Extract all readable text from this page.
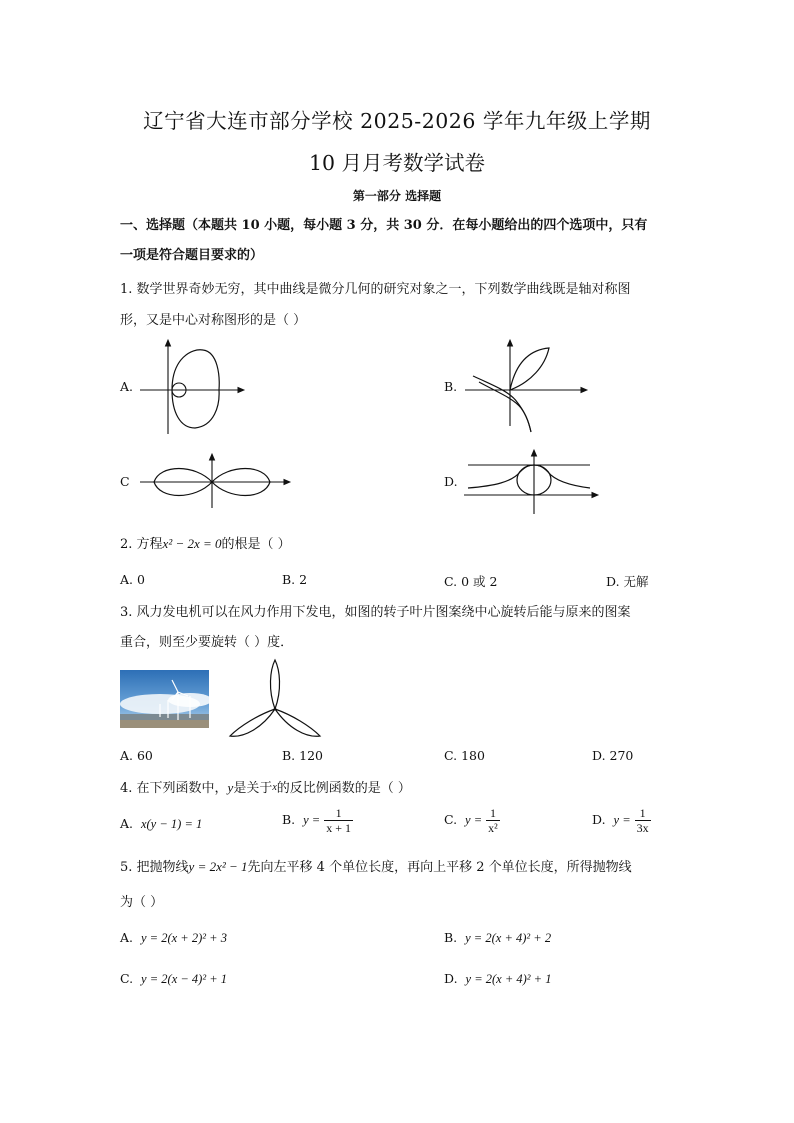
辽宁省大连市部分学校 2025-2026 学年九年级上学期
10 月月考数学试卷
第一部分 选择题
一、选择题（本题共 10 小题，每小题 3 分，共 30 分．在每小题给出的四个选项中，只有
一项是符合题目要求的）
1. 数学世界奇妙无穷，其中曲线是微分几何的研究对象之一，下列数学曲线既是轴对称图
形，又是中心对称图形的是（ ）
A.	B.
C	D.
2. 方程x² − 2x = 0的根是（ ）
A. 0	B. 2	C. 0 或 2	D. 无解
3. 风力发电机可以在风力作用下发电，如图的转子叶片图案绕中心旋转后能与原来的图案
重合，则至少要旋转（ ）度．
A. 60	B. 120	C. 180	D. 270
4. 在下列函数中，y是关于$^x$的反比例函数的是（ ）
A. x(y − 1) = 1	B. $y = \frac{1}{x + 1}$	C. $y = \frac{1}{\text{x²}}$	D. $y = \frac{1}{3x}$
5. 把抛物线y = 2x² − 1先向左平移 4 个单位长度，再向上平移 2 个单位长度，所得抛物线
为（ ）
A. y = 2(x + 2)² + 3	B. y = 2(x + 4)² + 2
C. y = 2(x − 4)² + 1	D. y = 2(x + 4)² + 1
